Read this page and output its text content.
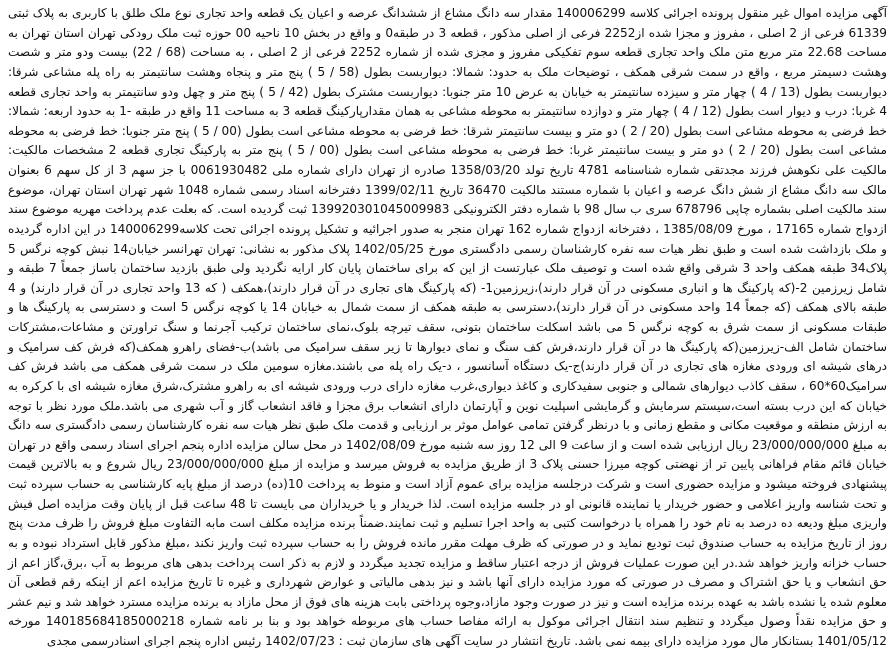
آگهی مزایده اموال غیر منقول پرونده اجرائی کلاسه 140006299 مقدار سه دانگ مشاع از ششدانگ عرصه و اعیان یک قطعه واحد تجاری نوع ملک طلق با کاربری به پلاک ثبتی 61339 فرعی از 2 اصلی ، مفروز و مجزا شده از2252 فرعی از اصلی مذکور ، قطعه 3 در طبقه0 و واقع در بخش 10 ناحیه 00 حوزه ثبت ملک رودکی تهران استان تهران به مساحت 22.68 متر مربع متن ملک واحد تجاری قطعه سوم تفکیکی مفروز و مجزی شده از شماره 2252 فرعی از 2 اصلی ، به مساحت (68 / 22) بیست ودو متر و شصت وهشت دسیمتر مربع ، واقع در سمت شرقی همکف ، توضیحات ملک به حدود: شمالا: دیواربست بطول (58 / 5 ) پنج متر و پنجاه وهشت سانتیمتر به راه پله مشاعی شرقا: دیواربست بطول (13 / 4 ) چهار متر و سیزده سانتیمتر به خیابان به عرض 10 متر جنوبا: دیواربست مشترک بطول (42 / 5 ) پنج متر و چهل ودو سانتیمتر به واحد تجاری قطعه 4 غربا: درب و دیوار است بطول (12 / 4 ) چهار متر و دوازده سانتیمتر به محوطه مشاعی به همان مقدارپارکینگ قطعه 3 به مساحت 11 واقع در طبقه -1 به حدود اربعه: شمالا: خط فرضی به محوطه مشاعی است بطول (20 / 2 ) دو متر و بیست سانتیمتر شرقا: خط فرضی به محوطه مشاعی است بطول (00 / 5 ) پنج متر جنوبا: خط فرضی به محوطه مشاعی است بطول (20 / 2 ) دو متر و بیست سانتیمتر غربا: خط فرضی به محوطه مشاعی است بطول (00 / 5 ) پنج متر به پارکینگ تجاری قطعه 2 مشخصات مالکیت: مالکیت علی نکوهش فرزند مجدتقی شماره شناسنامه 4781 تاریخ تولد 1358/03/20 صادره از تهران دارای شماره ملی 0061930482 با جز سهم 3 از کل سهم 6 بعنوان مالک سه دانگ مشاع از شش دانگ عرصه و اعیان با شماره مستند مالکیت 36470 تاریخ 1399/02/11 دفترخانه اسناد رسمی شماره 1048 شهر تهران استان تهران، موضوع سند مالکیت اصلی بشماره چاپی 678796 سری ب سال 98 با شماره دفتر الکترونیکی 139920301045009983 ثبت گردیده است. که بعلت عدم پرداخت مهریه موضوع سند ازدواج شماره 17165 ، مورخ 1385/08/09 ، دفترخانه ازدواج شماره 162 تهران منجر به صدور اجرائیه و تشکیل پرونده اجرائی تحت کلاسه140006299 در این اداره گردیده و ملک بازداشت شده است و طبق نظر هیات سه نفره کارشناسان رسمی دادگستری مورخ 1402/05/25 پلاک مذکور به نشانی: تهران تهرانسر خیابان14 نبش کوچه نرگس 5 پلاک34 طبقه همکف واحد 3 شرقی واقع شده است و توصیف ملک عبارتست از این که برای ساختمان پایان کار ارایه نگردید ولی طبق بازدید ساختمان باساز جمعاً 7 طبقه و شامل زیرزمین 2-(که پارکینگ ها و انباری مسکونی در آن قرار دارند)،زیرزمین1- (که پارکینگ های تجاری در آن قرار دارند)،همکف ( که 13 واحد تجاری در آن قرار دارند) و 4 طبقه بالای همکف (که جمعاً 14 واحد مسکونی در آن قرار دارند)،دسترسی به طبقه همکف از سمت شمال به خیابان 14 یا کوچه نرگس 5 است و دسترسی به پارکینگ ها و طبقات مسکونی از سمت شرق به کوچه نرگس 5 می باشد اسکلت ساختمان بتونی، سقف تیرچه بلوک،نمای ساختمان ترکیب آجرنما و سنگ تراورتن و مشاعات،مشترکات ساختمان شامل الف-زیرزمین(که پارکینگ ها در آن قرار دارند،فرش کف سنگ و نمای دیوارها تا زیر سقف سرامیک می باشد)ب-فضای راهرو همکف(که فرش کف سرامیک و درهای شیشه ای ورودی مغازه های تجاری در آن قرار دارند)ج-یک دستگاه آسانسور ، د-یک راه پله می باشند.مغازه سومین ملک در سمت شرقی همکف می باشد فرش کف سرامیک60*60 ، سقف کاذب دیوارهای شمالی و جنوبی سفیدکاری و کاغذ دیواری،غرب مغازه دارای درب ورودی شیشه ای به راهرو مشترک،شرق مغازه شیشه ای با کرکره به خیابان که این درب بسته است،سیستم سرمایش و گرمایشی اسپلیت نوین و آپارتمان دارای انشعاب برق مجزا و فاقد انشعاب گاز و آب شهری می باشد.ملک مورد نظر با توجه به ارزش منطقه و موقعیت مکانی و مقطع زمانی و با درنظر گرفتن تمامی عوامل موثر بر ارزیابی و قدمت ملک طبق نظر هیات سه نفره کارشناسان رسمی دادگستری سه دانگ به مبلغ 23/000/000/000 ریال ارزیابی شده است و از ساعت 9 الی 12 روز سه شنبه مورخ 1402/08/09 در محل سالن مزایده اداره پنجم اجرای اسناد رسمی واقع در تهران خیابان قائم مقام فراهانی پایین تر از نهضتی کوچه میرزا حسنی پلاک 3 از طریق مزایده به فروش میرسد و مزایده از مبلغ 23/000/000/000 ریال شروع و به بالاترین قیمت پیشنهادی فروخته میشود و مزایده حضوری است و شرکت درجلسه مزایده برای عموم آزاد است و منوط به پرداخت 10(ده) درصد از مبلغ پایه کارشناسی به حساب سپرده ثبت و تحت شناسه واریز اعلامی و حضور خریدار یا نماینده قانونی او در جلسه مزایده است. لذا خریدار و یا خریداران می بایست تا 48 ساعت قبل از پایان وقت مزایده اصل فیش واریزی مبلغ ودیعه ده درصد به نام خود را همراه با درخواست کتبی به واحد اجرا تسلیم و ثبت نمایند.ضمناً برنده مزایده مکلف است مابه التفاوت مبلغ فروش را ظرف مدت پنج روز از تاریخ مزایده به حساب صندوق ثبت تودیع نماید و در صورتی که ظرف مهلت مقرر مانده فروش را به حساب سپرده ثبت واریز نکند ،مبلغ مذکور قابل استرداد نبوده و به حساب خزانه واریز خواهد شد.در این صورت عملیات فروش از درجه اعتبار ساقط و مزایده تجدید میگردد و لازم به ذکر است پرداخت بدهی های مربوط به آب ،برق،گاز اعم از حق انشعاب و یا حق اشتراک و مصرف در صورتی که مورد مزایده دارای آنها باشد و نیز بدهی مالیاتی و عوارض شهرداری و غیره تا تاریخ مزایده اعم از اینکه رقم قطعی آن معلوم شده یا نشده باشد به عهده برنده مزایده است و نیز در صورت وجود مازاد،وجوه پرداختی بابت هزینه های فوق از محل مازاد به برنده مزایده مسترد خواهد شد و نیم عشر و حق مزایده نقداً وصول میگردد و تنظیم سند انتقال اجرائی موکول به ارائه مفاصا حساب های مربوطه خواهد بود و بنا بر نامه شماره 140185684185000218 مورخه 1401/05/12 بستانکار مال مورد مزایده دارای بیمه نمی باشد. تاریخ انتشار در سایت آگهی های سازمان ثبت : 1402/07/23 رئیس اداره پنجم اجرای اسنادرسمی مجدی
